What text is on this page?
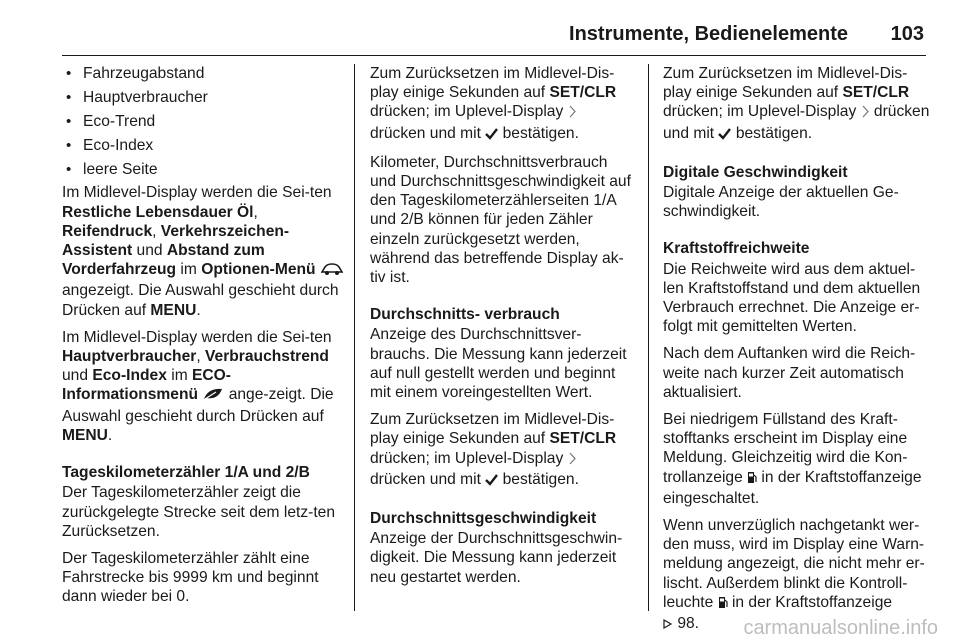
Instrumente, Bedienelemente 103
• Fahrzeugabstand
• Hauptverbraucher
• Eco-Trend
• Eco-Index
• leere Seite

Im Midlevel-Display werden die Sei-ten Restliche Lebensdauer Öl, Reifendruck, Verkehrszeichen-Assistent und Abstand zum Vorderfahrzeug im Optionen-Menü  angezeigt. Die Auswahl geschieht durch Drücken auf MENU.

Im Midlevel-Display werden die Sei-ten Hauptverbraucher, Verbrauchstrend und Eco-Index im ECO-Informationsmenü  ange-zeigt. Die Auswahl geschieht durch Drücken auf MENU.

Tageskilometerzähler 1/A und 2/B

Der Tageskilometerzähler zeigt die zurückgelegte Strecke seit dem letz-ten Zurücksetzen.

Der Tageskilometerzähler zählt eine Fahrstrecke bis 9999 km und beginnt dann wieder bei 0.

Zum Zurücksetzen im Midlevel-Dis-play einige Sekunden auf SET/CLR drücken; im Uplevel-Display  drücken und mit  bestätigen.

Kilometer, Durchschnittsverbrauch und Durchschnittsgeschwindigkeit auf den Tageskilometerzählerseiten 1/A und 2/B können für jeden Zähler einzeln zurückgesetzt werden, während das betreffende Display ak-tiv ist.

Durchschnitts- verbrauch

Anzeige des Durchschnittsver-brauchs. Die Messung kann jederzeit auf null gestellt werden und beginnt mit einem voreingestellten Wert.

Zum Zurücksetzen im Midlevel-Dis-play einige Sekunden auf SET/CLR drücken; im Uplevel-Display  drücken und mit  bestätigen.

Durchschnittsgeschwindigkeit

Anzeige der Durchschnittsgeschwin-digkeit. Die Messung kann jederzeit neu gestartet werden.

Zum Zurücksetzen im Midlevel-Dis-play einige Sekunden auf SET/CLR drücken; im Uplevel-Display  drücken und mit  bestätigen.

Digitale Geschwindigkeit

Digitale Anzeige der aktuellen Ge-schwindigkeit.

Kraftstoffreichweite

Die Reichweite wird aus dem aktuel-len Kraftstoffstand und dem aktuellen Verbrauch errechnet. Die Anzeige er-folgt mit gemittelten Werten.

Nach dem Auftanken wird die Reich-weite nach kurzer Zeit automatisch aktualisiert.

Bei niedrigem Füllstand des Kraft-stofftanks erscheint im Display eine Meldung. Gleichzeitig wird die Kon-trollanzeige  in der Kraftstoffanzeige eingeschaltet.

Wenn unverzüglich nachgetankt wer-den muss, wird im Display eine Warn-meldung angezeigt, die nicht mehr er-lischt. Außerdem blinkt die Kontroll-leuchte  in der Kraftstoffanzeige
98.	carmanualsonline.info
